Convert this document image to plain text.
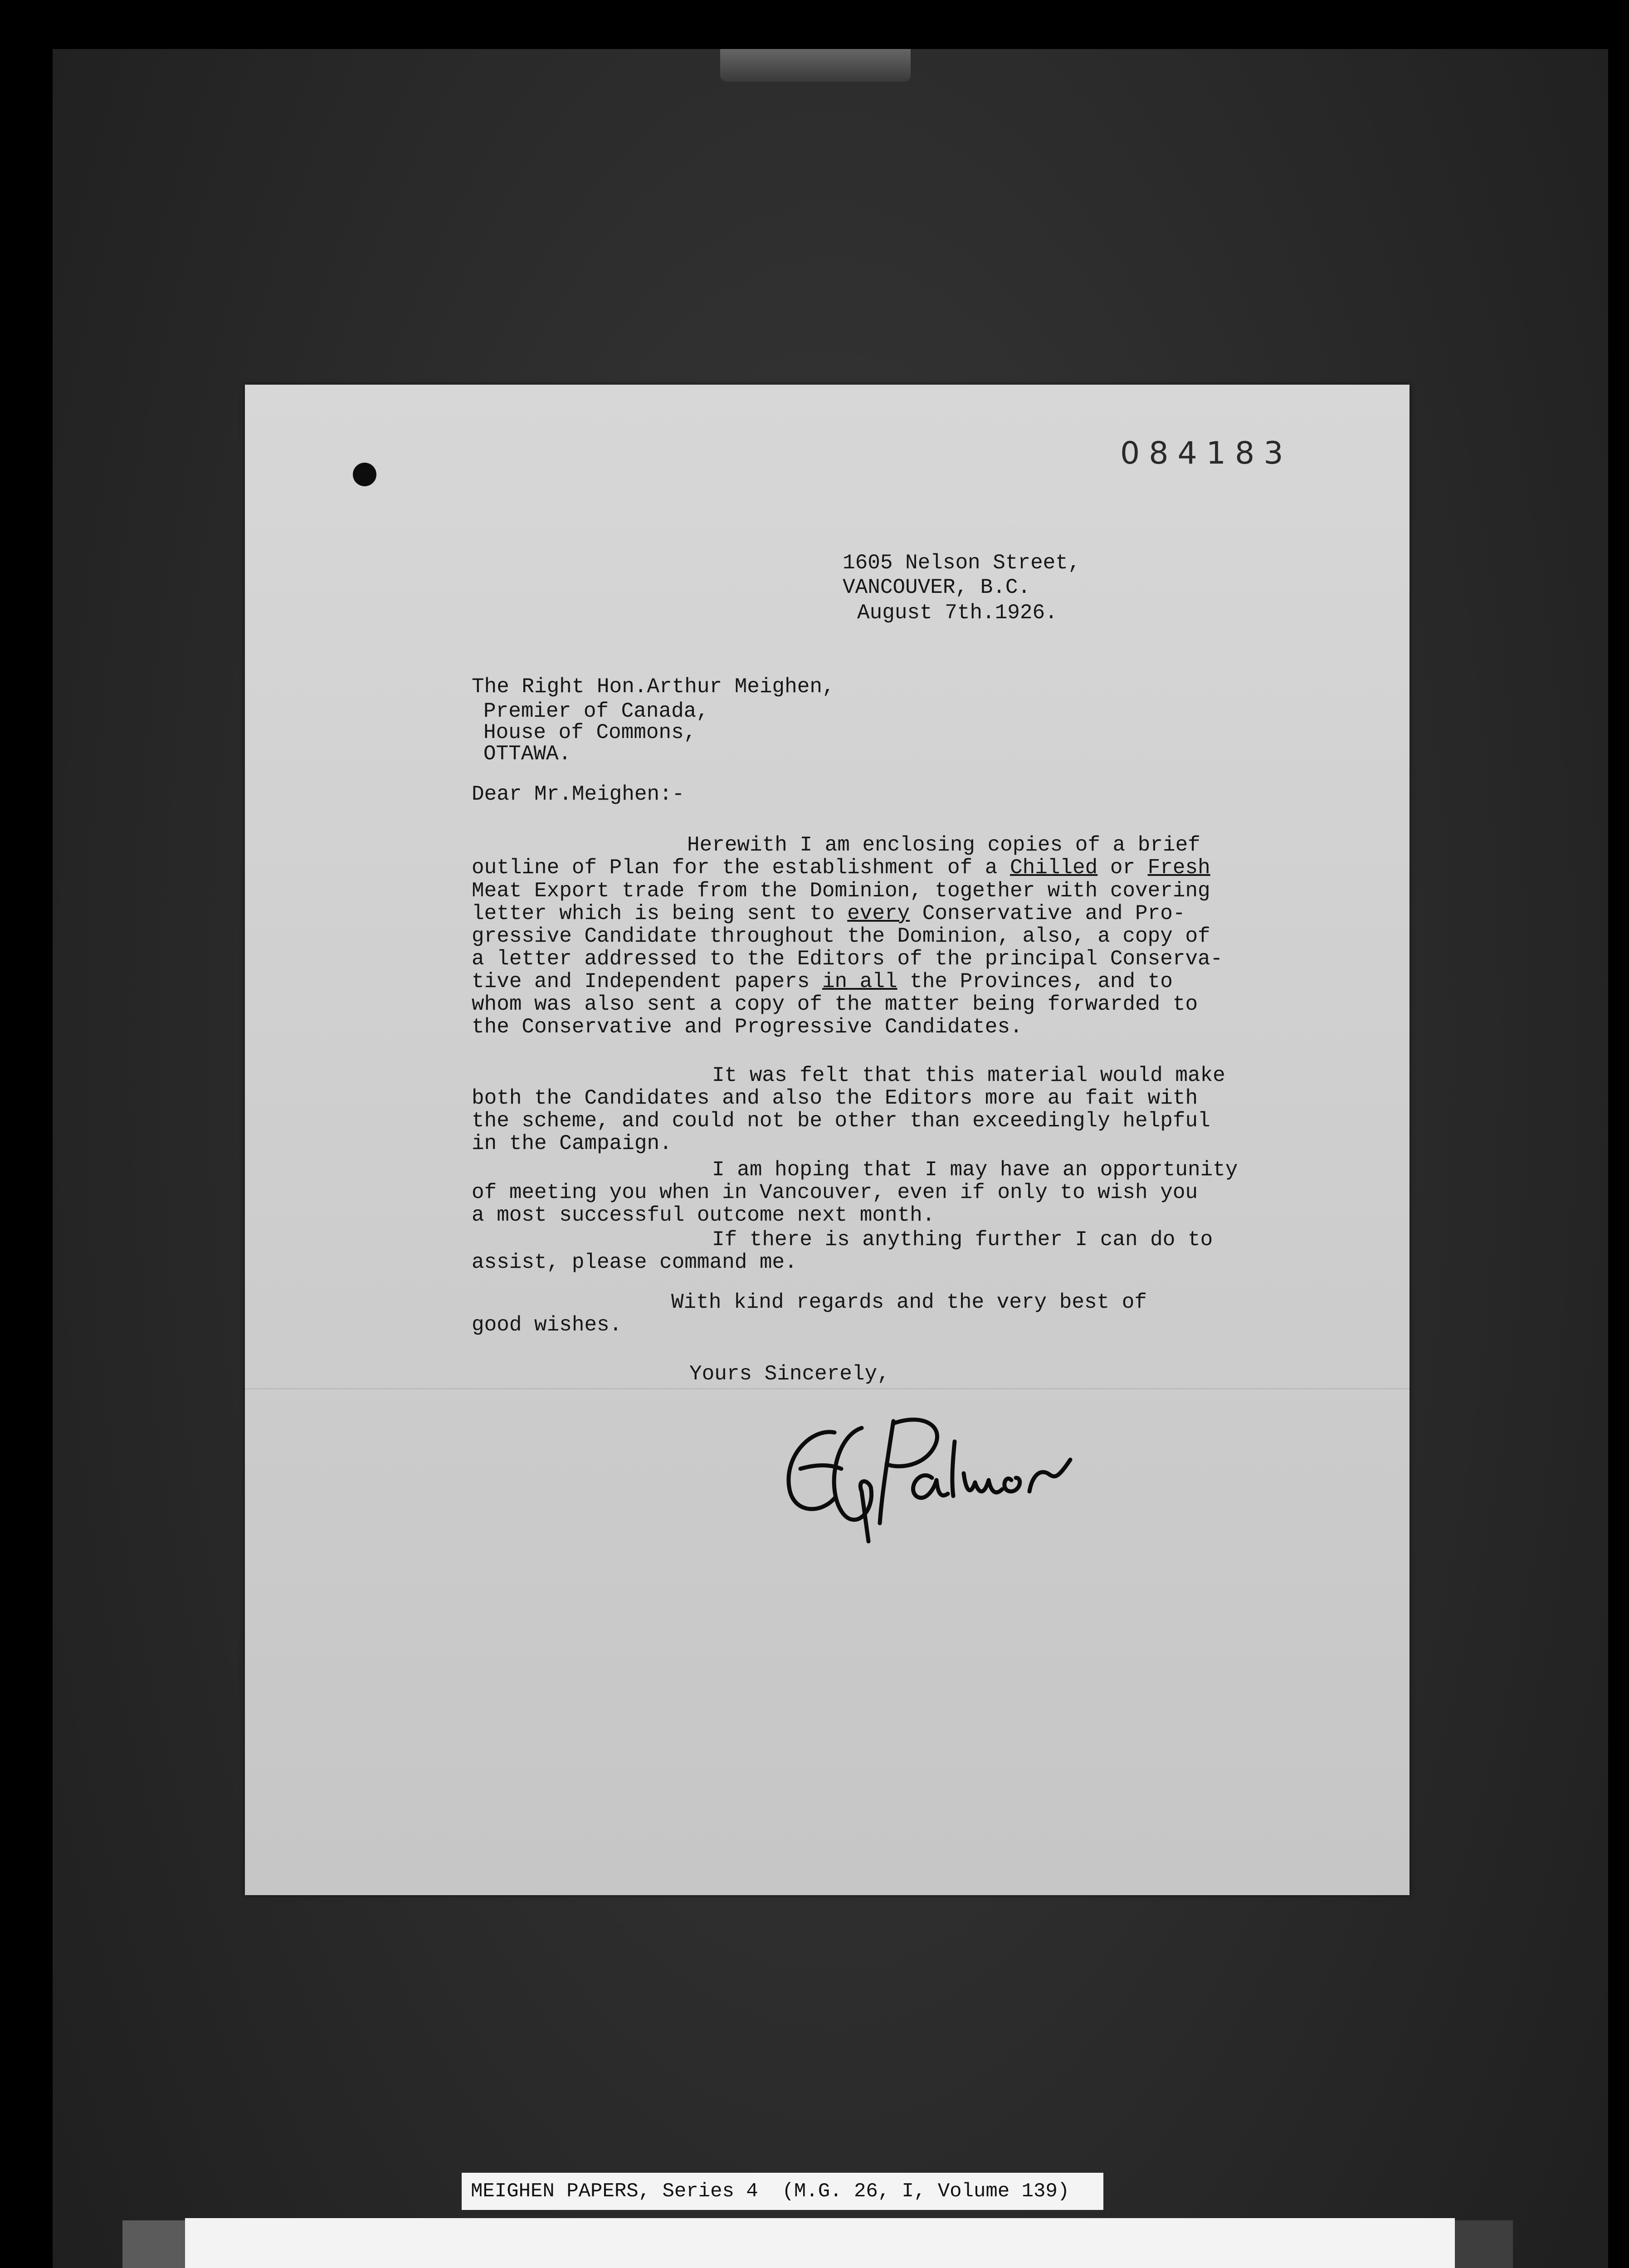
084183
1605 Nelson Street,
VANCOUVER, B.C.
August 7th.1926.
The Right Hon.Arthur Meighen,
Premier of Canada,
House of Commons,
OTTAWA.
Dear Mr.Meighen:-
Herewith I am enclosing copies of a brief
outline of Plan for the establishment of a Chilled or Fresh
Meat Export trade from the Dominion, together with covering
letter which is being sent to every Conservative and Pro-
gressive Candidate throughout the Dominion, also, a copy of
a letter addressed to the Editors of the principal Conserva-
tive and Independent papers in all the Provinces, and to
whom was also sent a copy of the matter being forwarded to
the Conservative and Progressive Candidates.
It was felt that this material would make
both the Candidates and also the Editors more au fait with
the scheme, and could not be other than exceedingly helpful
in the Campaign.
I am hoping that I may have an opportunity
of meeting you when in Vancouver, even if only to wish you
a most successful outcome next month.
If there is anything further I can do to
assist, please command me.
With kind regards and the very best of
good wishes.
Yours Sincerely,
MEIGHEN PAPERS, Series 4  (M.G. 26, I, Volume 139)
